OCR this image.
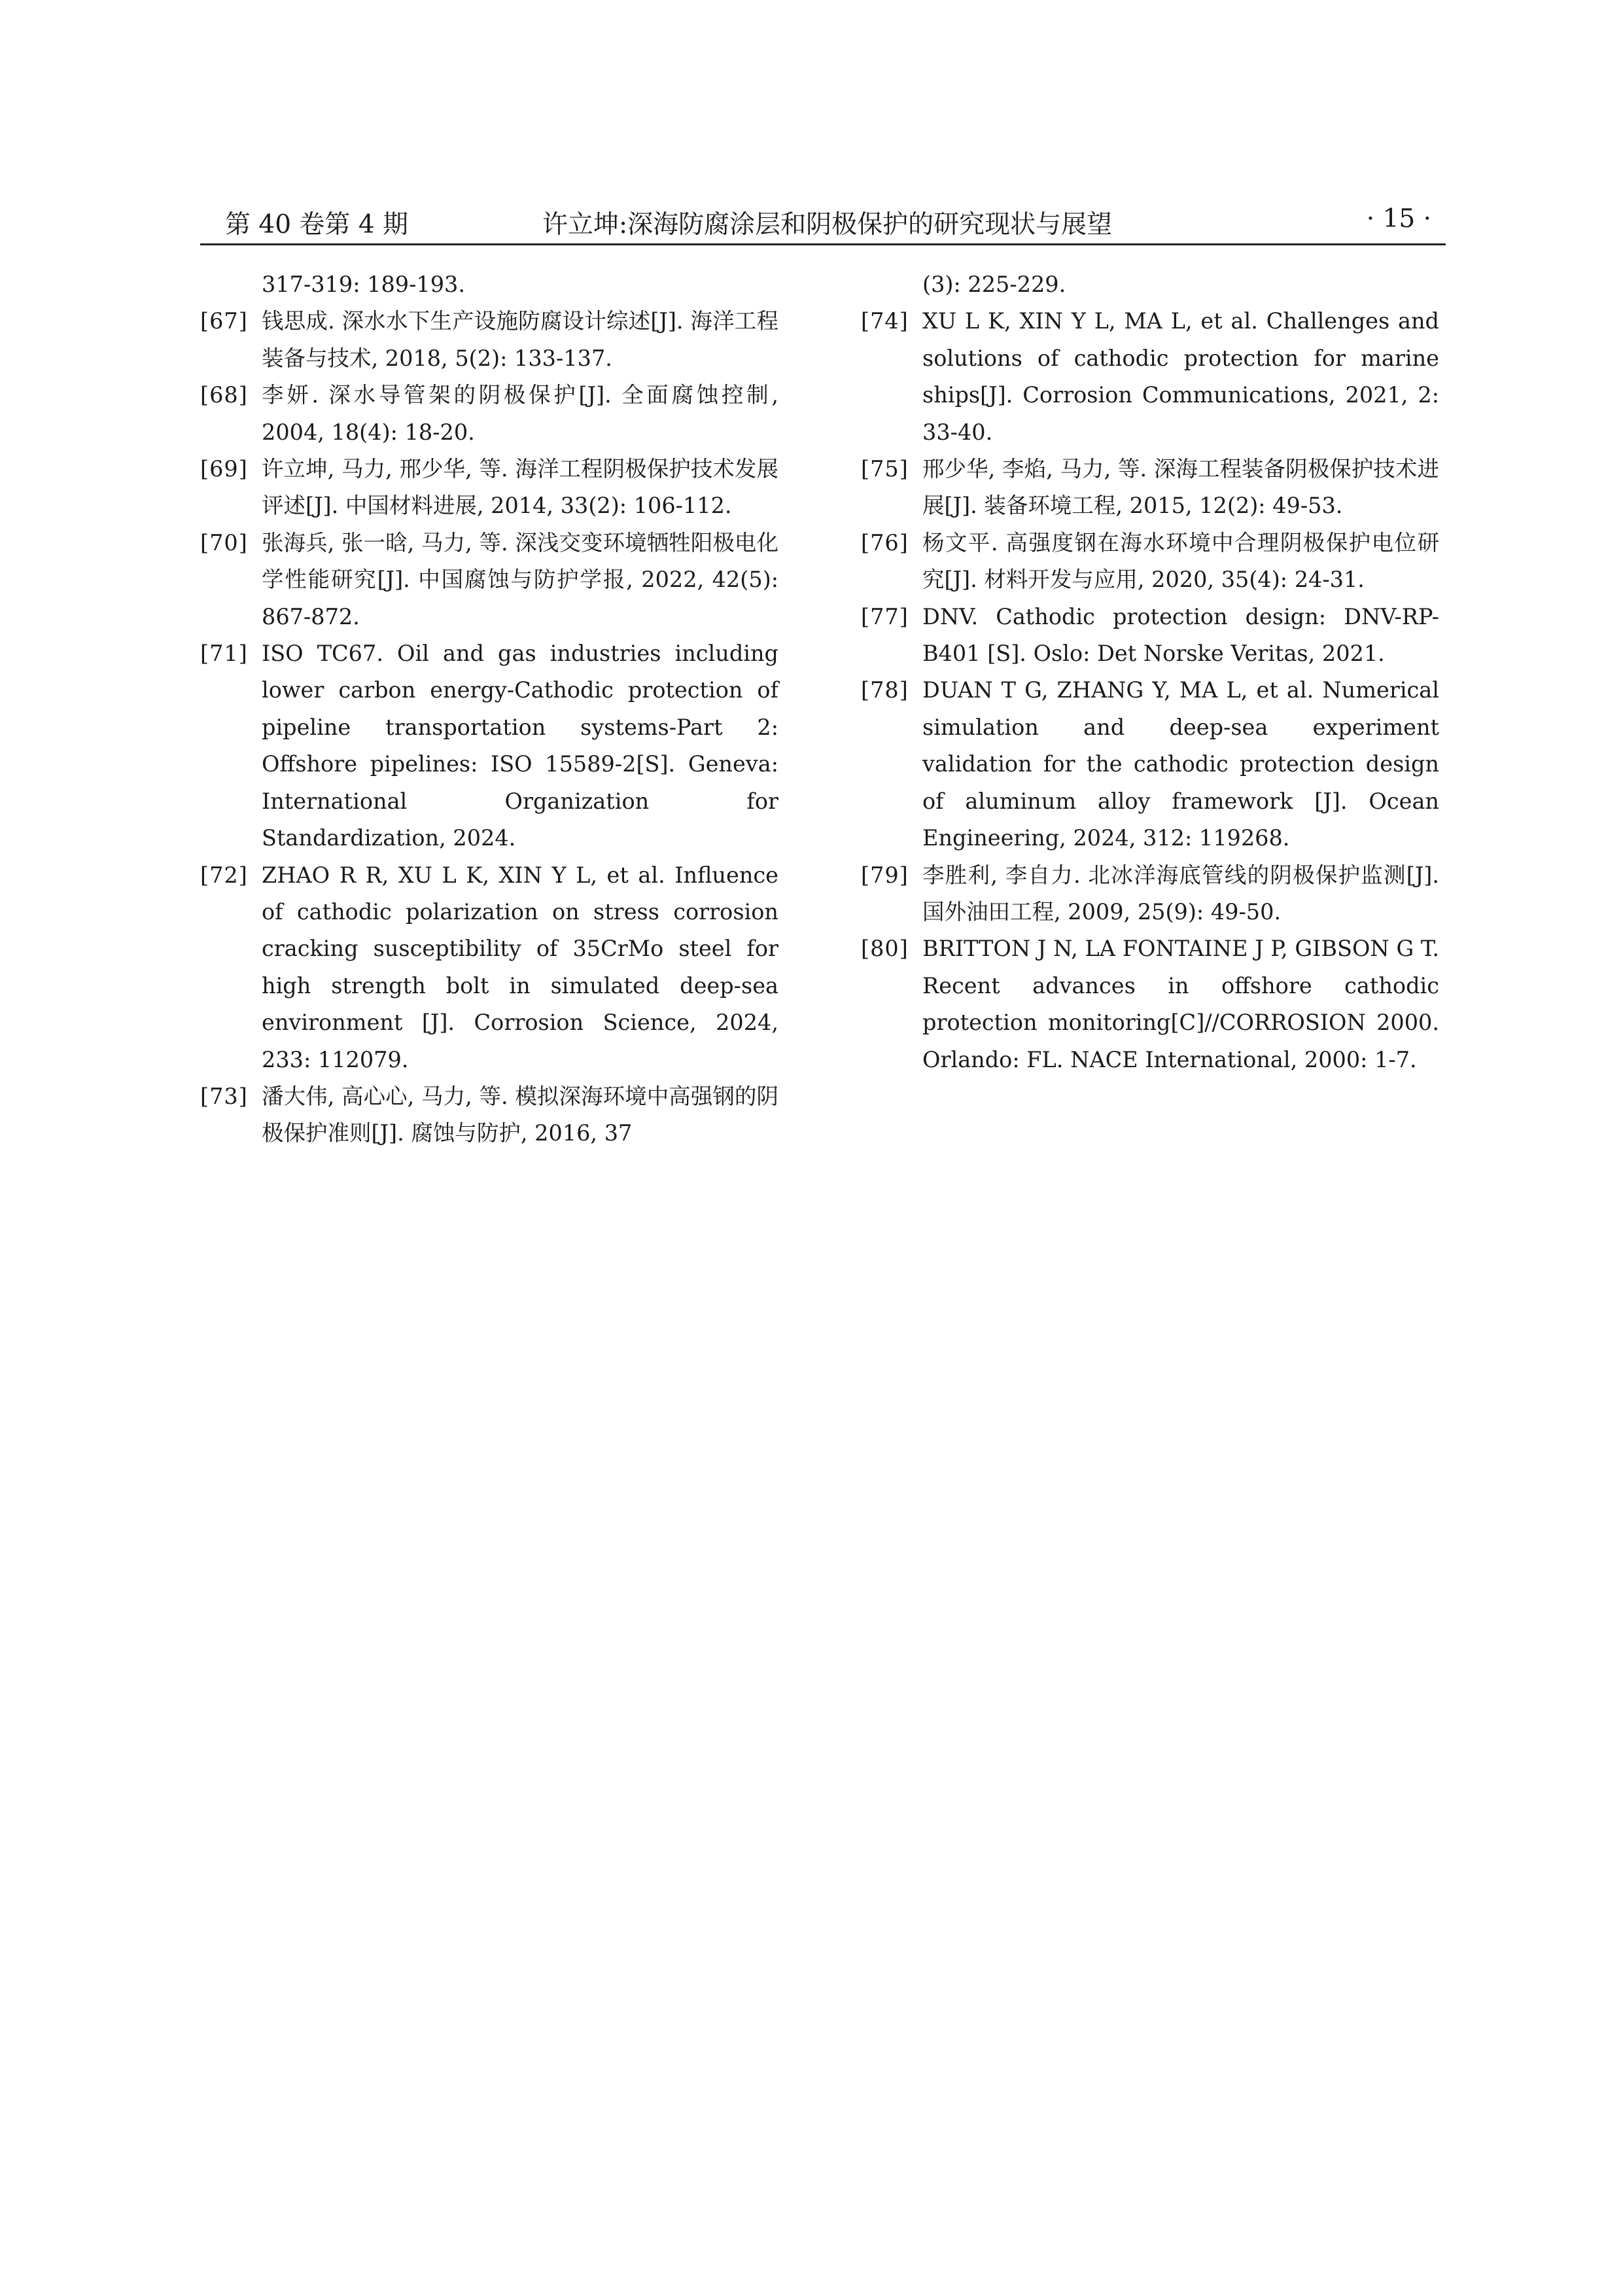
第 40 卷第 4 期	许立坤:深海防腐涂层和阴极保护的研究现状与展望	· 15 ·
317-319: 189-193.
[67] 钱思成. 深水水下生产设施防腐设计综述[J]. 海洋工程装备与技术, 2018, 5(2): 133-137.
[68] 李妍. 深水导管架的阴极保护[J]. 全面腐蚀控制, 2004, 18(4): 18-20.
[69] 许立坤, 马力, 邢少华, 等. 海洋工程阴极保护技术发展评述[J]. 中国材料进展, 2014, 33(2): 106-112.
[70] 张海兵, 张一晗, 马力, 等. 深浅交变环境牺牲阳极电化学性能研究[J]. 中国腐蚀与防护学报, 2022, 42(5): 867-872.
[71] ISO TC67. Oil and gas industries including lower carbon energy-Cathodic protection of pipeline transportation systems-Part 2: Offshore pipelines: ISO 15589-2[S]. Geneva: International Organization for Standardization, 2024.
[72] ZHAO R R, XU L K, XIN Y L, et al. Influence of cathodic polarization on stress corrosion cracking susceptibility of 35CrMo steel for high strength bolt in simulated deep-sea environment [J]. Corrosion Science, 2024, 233: 112079.
[73] 潘大伟, 高心心, 马力, 等. 模拟深海环境中高强钢的阴极保护准则[J]. 腐蚀与防护, 2016, 37
(3): 225-229.
[74] XU L K, XIN Y L, MA L, et al. Challenges and solutions of cathodic protection for marine ships[J]. Corrosion Communications, 2021, 2: 33-40.
[75] 邢少华, 李焰, 马力, 等. 深海工程装备阴极保护技术进展[J]. 装备环境工程, 2015, 12(2): 49-53.
[76] 杨文平. 高强度钢在海水环境中合理阴极保护电位研究[J]. 材料开发与应用, 2020, 35(4): 24-31.
[77] DNV. Cathodic protection design: DNV-RP-B401 [S]. Oslo: Det Norske Veritas, 2021.
[78] DUAN T G, ZHANG Y, MA L, et al. Numerical simulation and deep-sea experiment validation for the cathodic protection design of aluminum alloy framework [J]. Ocean Engineering, 2024, 312: 119268.
[79] 李胜利, 李自力. 北冰洋海底管线的阴极保护监测[J]. 国外油田工程, 2009, 25(9): 49-50.
[80] BRITTON J N, LA FONTAINE J P, GIBSON G T. Recent advances in offshore cathodic protection monitoring[C]//CORROSION 2000. Orlando: FL. NACE International, 2000: 1-7.
